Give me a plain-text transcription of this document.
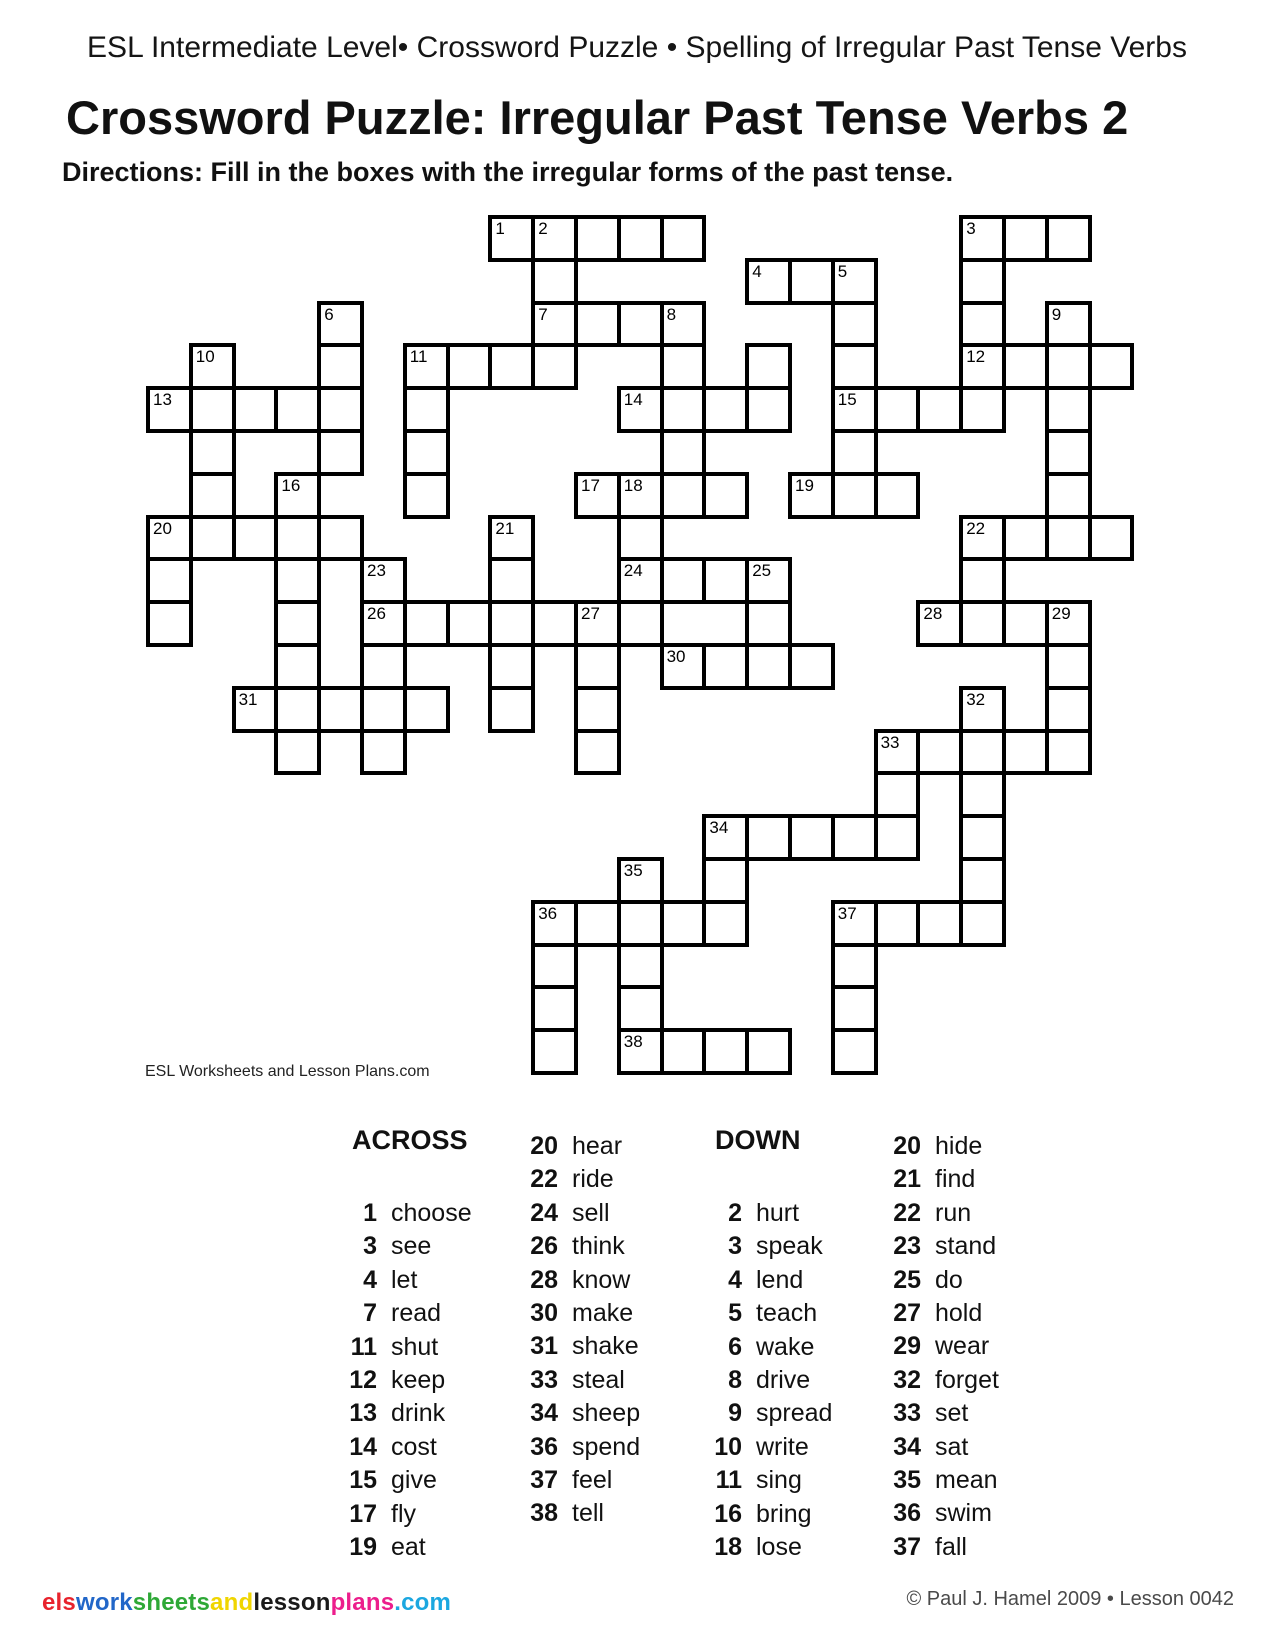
ESL Intermediate Level• Crossword Puzzle • Spelling of Irregular Past Tense Verbs
Crossword Puzzle: Irregular Past Tense Verbs 2
Directions: Fill in the boxes with the irregular forms of the past tense.
1 2	3
4	5
6	7	8	9
10	11	12
13	14	15
16	17 18	19
20	21	22
23	24	25
26	27	28	29
30
31	32
33
34
35
36	37
38
ESL Worksheets and Lesson Plans.com
ACROSS	DOWN
1 choose
3 see
4 let
7 read
11 shut
12 keep
13 drink
14 cost
15 give
17 fly
19 eat
20 hear
22 ride
24 sell
26 think
28 know
30 make
31 shake
33 steal
34 sheep
36 spend
37 feel
38 tell
2 hurt
3 speak
4 lend
5 teach
6 wake
8 drive
9 spread
10 write
11 sing
16 bring
18 lose
20 hide
21 find
22 run
23 stand
25 do
27 hold
29 wear
32 forget
33 set
34 sat
35 mean
36 swim
37 fall
elsworksheetsandlessonplans.com	© Paul J. Hamel 2009 • Lesson 0042
